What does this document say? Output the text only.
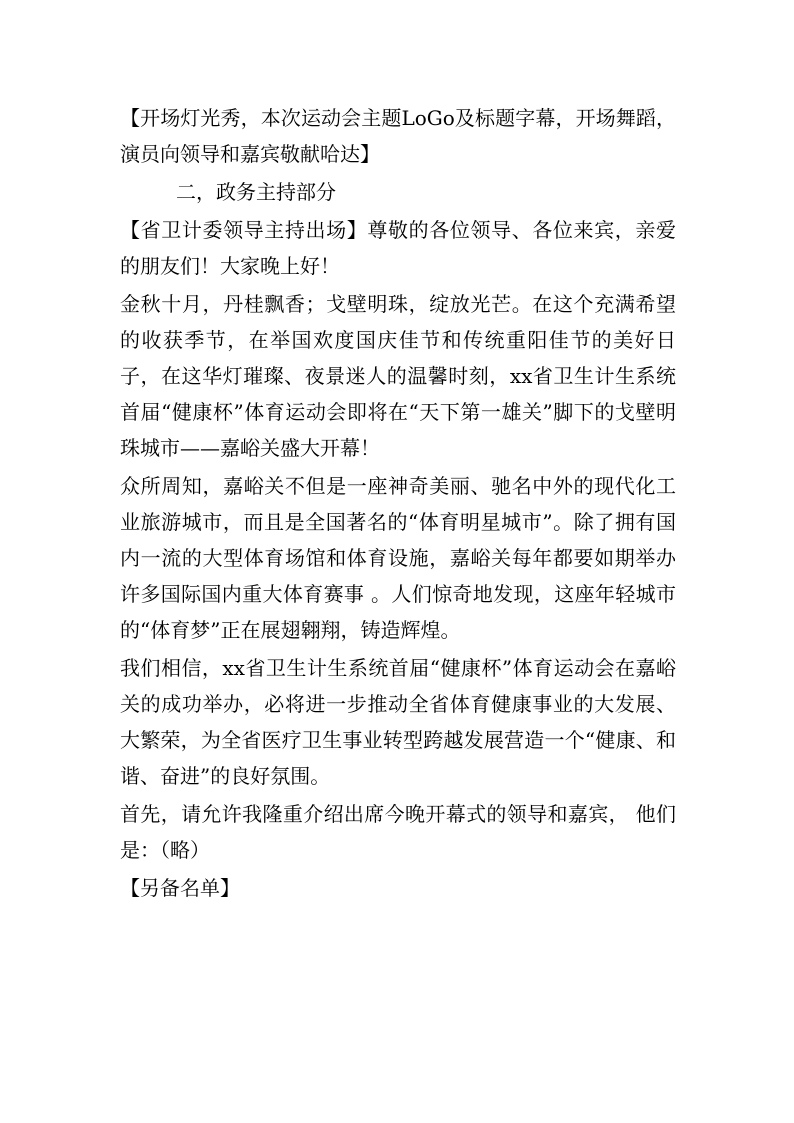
【开场灯光秀，本次运动会主题LoGo及标题字幕，开场舞蹈，演员向领导和嘉宾敬献哈达】

二，政务主持部分

【省卫计委领导主持出场】尊敬的各位领导、各位来宾，亲爱的朋友们！大家晚上好！

金秋十月，丹桂飘香；戈壁明珠，绽放光芒。在这个充满希望的收获季节，在举国欢度国庆佳节和传统重阳佳节的美好日子，在这华灯璀璨、夜景迷人的温馨时刻，xx省卫生计生系统首届“健康杯”体育运动会即将在“天下第一雄关”脚下的戈壁明珠城市——嘉峪关盛大开幕！

众所周知，嘉峪关不但是一座神奇美丽、驰名中外的现代化工业旅游城市，而且是全国著名的“体育明星城市”。除了拥有国内一流的大型体育场馆和体育设施，嘉峪关每年都要如期举办许多国际国内重大体育赛事 。人们惊奇地发现，这座年轻城市的“体育梦”正在展翅翱翔，铸造辉煌。

我们相信，xx省卫生计生系统首届“健康杯”体育运动会在嘉峪关的成功举办，必将进一步推动全省体育健康事业的大发展、大繁荣，为全省医疗卫生事业转型跨越发展营造一个“健康、和谐、奋进”的良好氛围。

首先，请允许我隆重介绍出席今晚开幕式的领导和嘉宾， 他们是：（略）

【另备名单】
